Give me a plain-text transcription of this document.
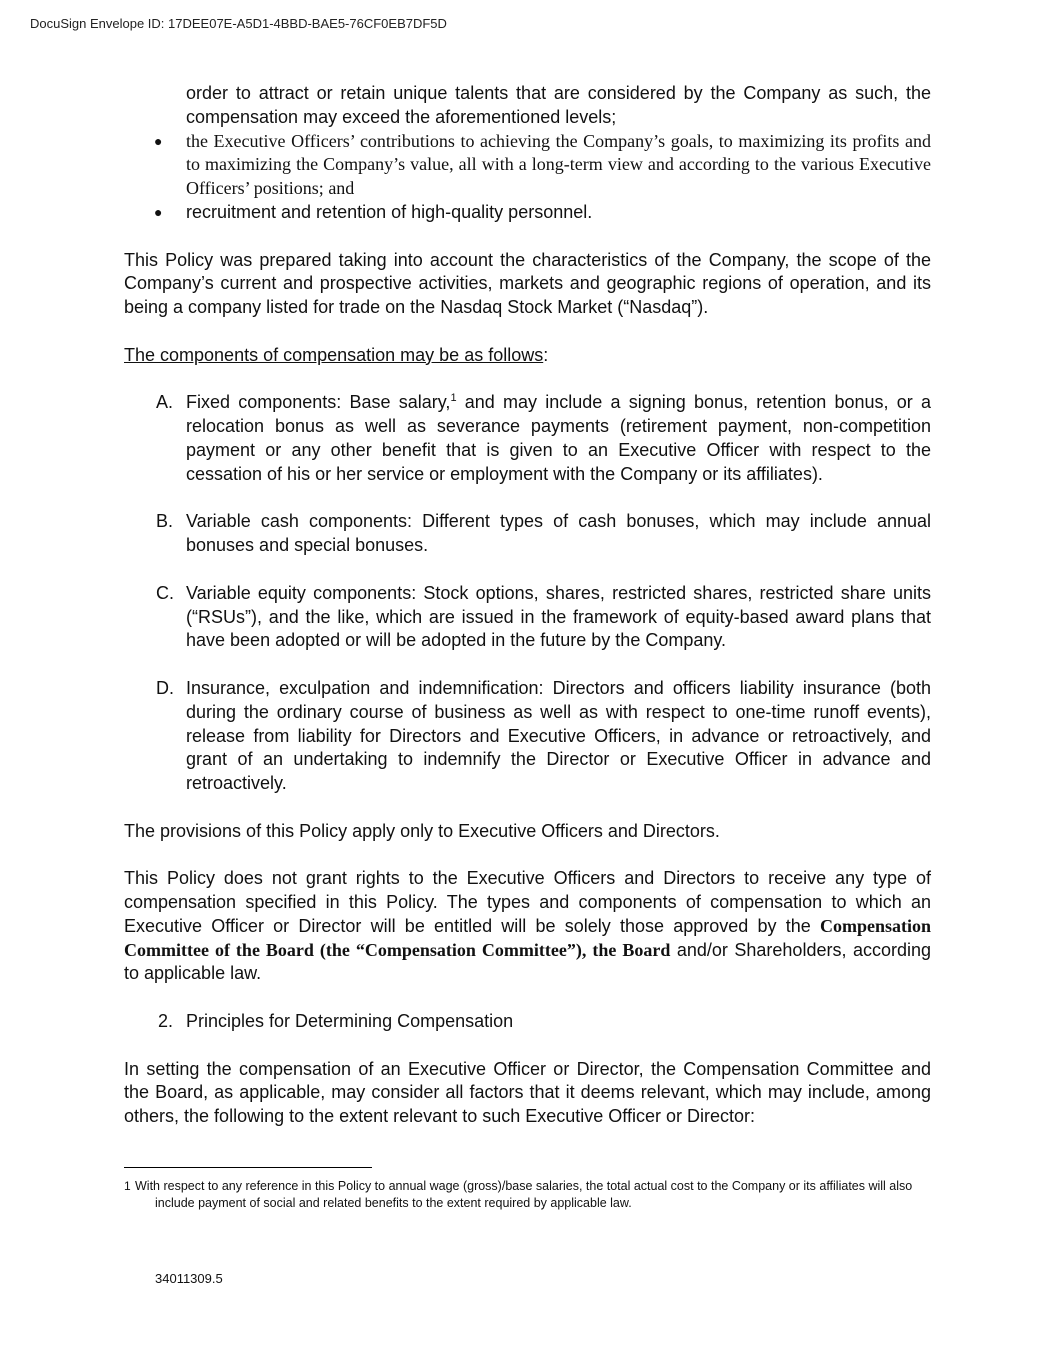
DocuSign Envelope ID: 17DEE07E-A5D1-4BBD-BAE5-76CF0EB7DF5D

order to attract or retain unique talents that are considered by the Company as such, the compensation may exceed the aforementioned levels;

● the Executive Officers’ contributions to achieving the Company’s goals, to maximizing its profits and to maximizing the Company’s value, all with a long-term view and according to the various Executive Officers’ positions; and
● recruitment and retention of high-quality personnel.

This Policy was prepared taking into account the characteristics of the Company, the scope of the Company’s current and prospective activities, markets and geographic regions of operation, and its being a company listed for trade on the Nasdaq Stock Market (“Nasdaq”).

The components of compensation may be as follows:

A. Fixed components: Base salary,$^1$ and may include a signing bonus, retention bonus, or a relocation bonus as well as severance payments (retirement payment, non-competition payment or any other benefit that is given to an Executive Officer with respect to the cessation of his or her service or employment with the Company or its affiliates).
B. Variable cash components: Different types of cash bonuses, which may include annual bonuses and special bonuses.
C. Variable equity components: Stock options, shares, restricted shares, restricted share units (“RSUs”), and the like, which are issued in the framework of equity-based award plans that have been adopted or will be adopted in the future by the Company.
D. Insurance, exculpation and indemnification: Directors and officers liability insurance (both during the ordinary course of business as well as with respect to one-time runoff events), release from liability for Directors and Executive Officers, in advance or retroactively, and grant of an undertaking to indemnify the Director or Executive Officer in advance and retroactively.

The provisions of this Policy apply only to Executive Officers and Directors.

This Policy does not grant rights to the Executive Officers and Directors to receive any type of compensation specified in this Policy. The types and components of compensation to which an Executive Officer or Director will be entitled will be solely those approved by the Compensation Committee of the Board (the “Compensation Committee”), the Board and/or Shareholders, according to applicable law.

2. Principles for Determining Compensation

In setting the compensation of an Executive Officer or Director, the Compensation Committee and the Board, as applicable, may consider all factors that it deems relevant, which may include, among others, the following to the extent relevant to such Executive Officer or Director:

1 With respect to any reference in this Policy to annual wage (gross)/base salaries, the total actual cost to the Company or its affiliates will also
include payment of social and related benefits to the extent required by applicable law.
34011309.5
